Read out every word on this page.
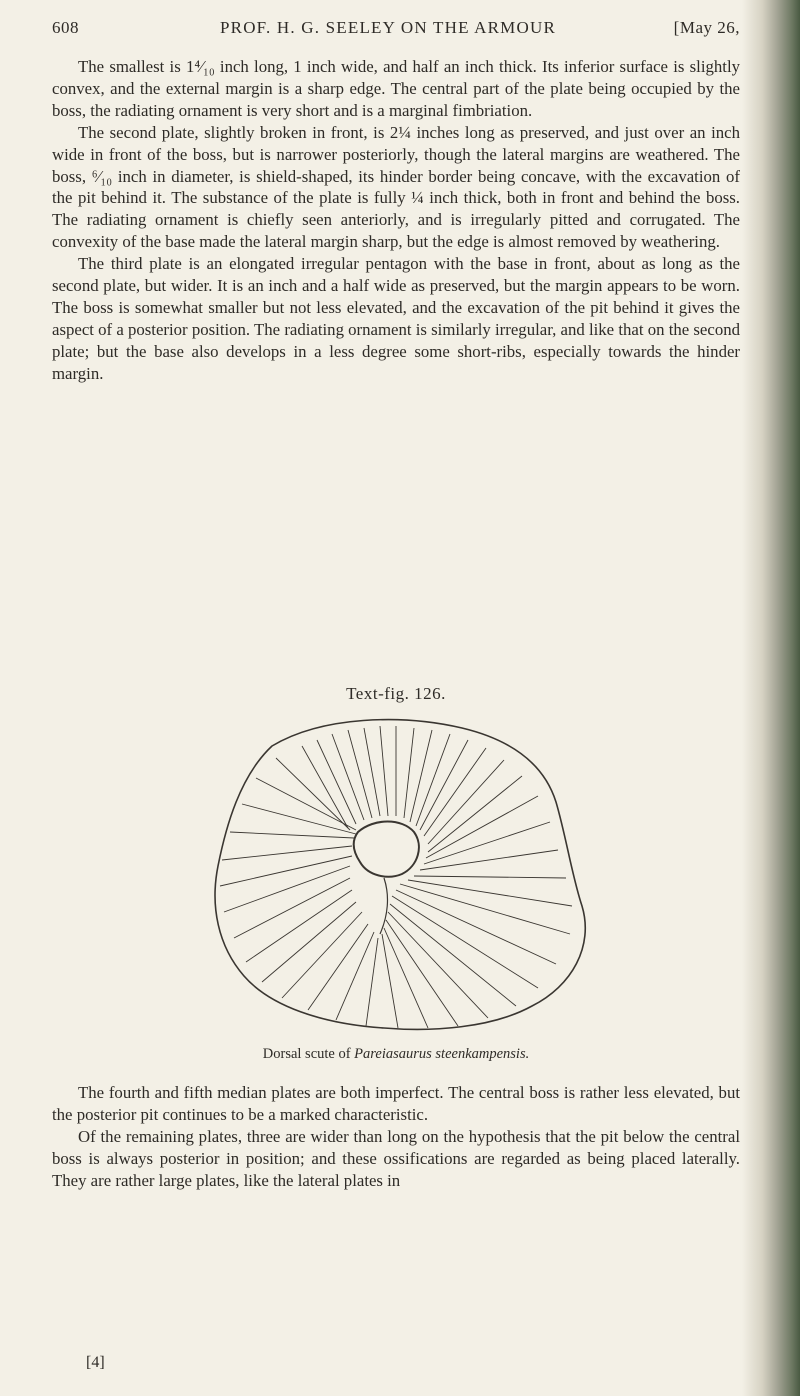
608	PROF. H. G. SEELEY ON THE ARMOUR	[May 26,

The smallest is 1⁴⁄₁₀ inch long, 1 inch wide, and half an inch thick. Its inferior surface is slightly convex, and the external margin is a sharp edge. The central part of the plate being occupied by the boss, the radiating ornament is very short and is a marginal fimbriation.

The second plate, slightly broken in front, is 2¼ inches long as preserved, and just over an inch wide in front of the boss, but is narrower posteriorly, though the lateral margins are weathered. The boss, ⁶⁄₁₀ inch in diameter, is shield-shaped, its hinder border being concave, with the excavation of the pit behind it. The substance of the plate is fully ¼ inch thick, both in front and behind the boss. The radiating ornament is chiefly seen anteriorly, and is irregularly pitted and corrugated. The convexity of the base made the lateral margin sharp, but the edge is almost removed by weathering.

The third plate is an elongated irregular pentagon with the base in front, about as long as the second plate, but wider. It is an inch and a half wide as preserved, but the margin appears to be worn. The boss is somewhat smaller but not less elevated, and the excavation of the pit behind it gives the aspect of a posterior position. The radiating ornament is similarly irregular, and like that on the second plate; but the base also develops in a less degree some short-ribs, especially towards the hinder margin.

Text-fig. 126.
Dorsal scute of Pareiasaurus steenkampensis.

The fourth and fifth median plates are both imperfect. The central boss is rather less elevated, but the posterior pit continues to be a marked characteristic.

Of the remaining plates, three are wider than long on the hypothesis that the pit below the central boss is always posterior in position; and these ossifications are regarded as being placed laterally. They are rather large plates, like the lateral plates in

[4]
